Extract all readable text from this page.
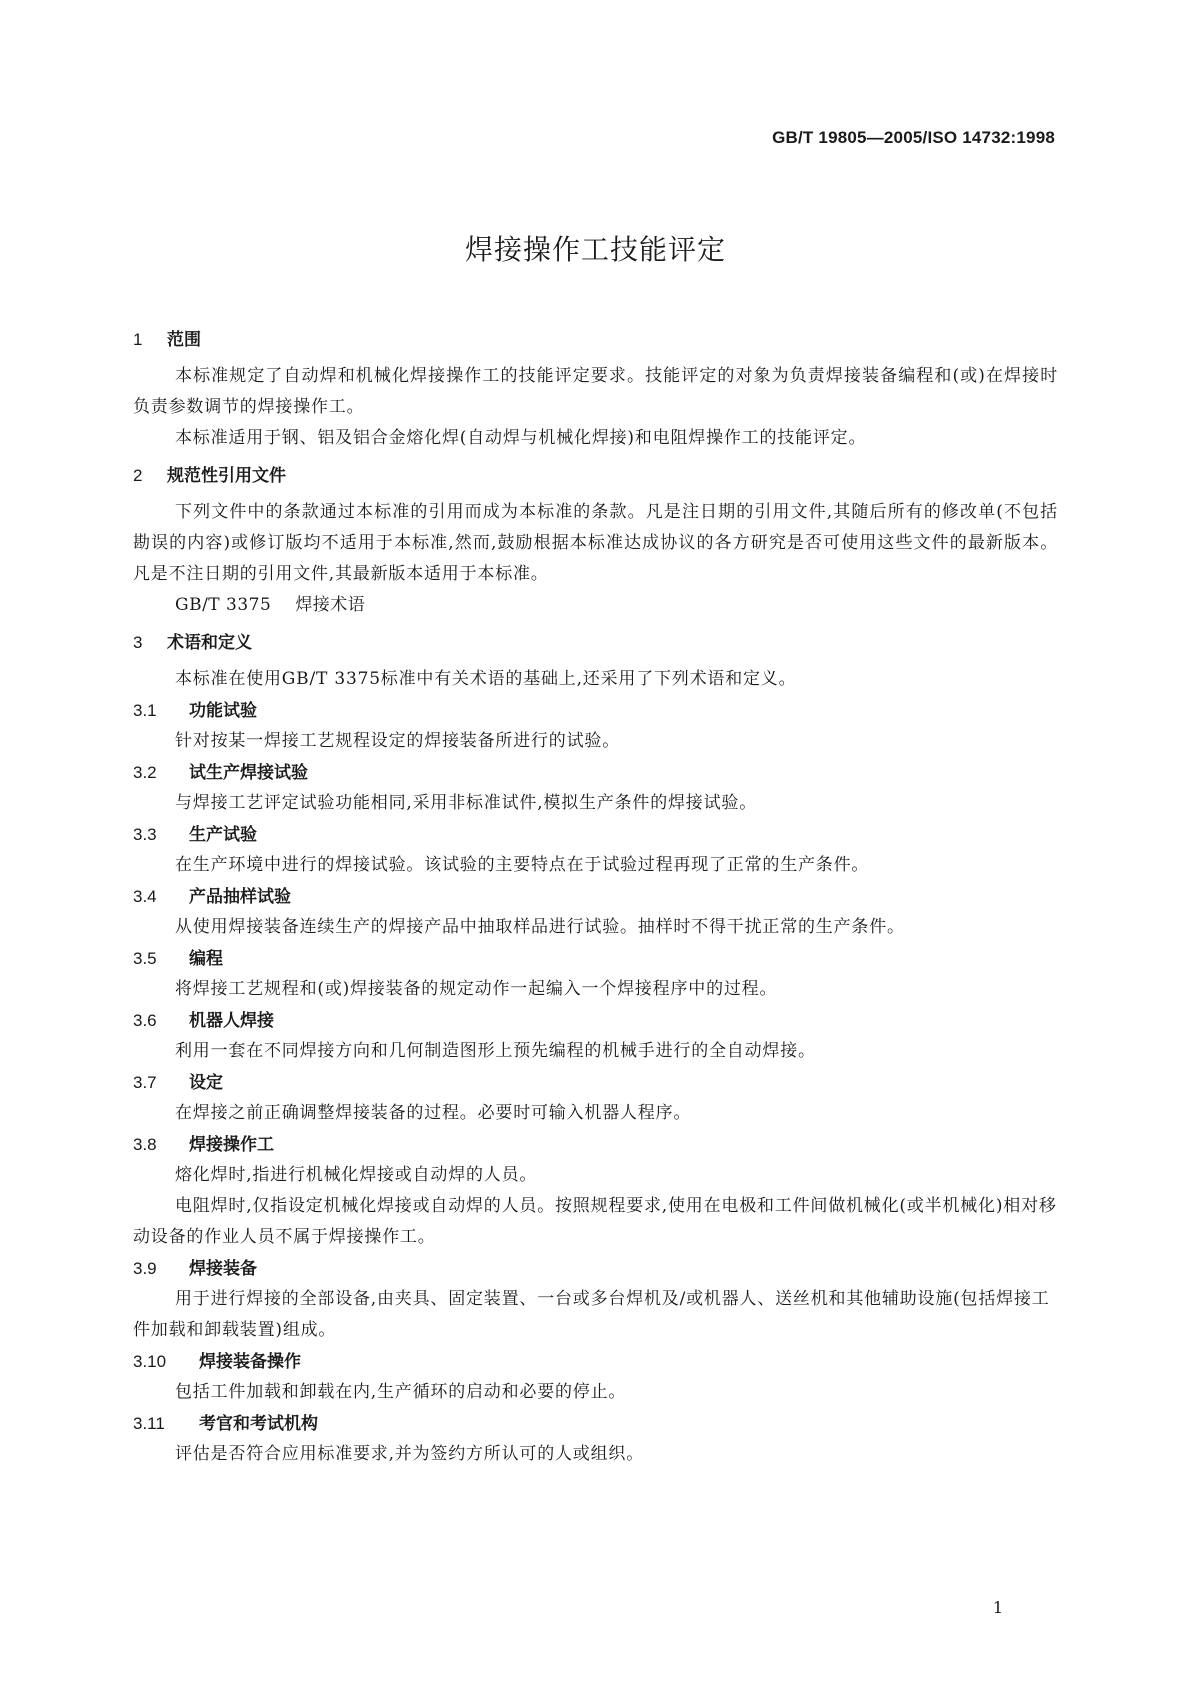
GB/T 19805—2005/ISO 14732:1998
焊接操作工技能评定
1 范围
本标准规定了自动焊和机械化焊接操作工的技能评定要求。技能评定的对象为负责焊接装备编程和(或)在焊接时负责参数调节的焊接操作工。
本标准适用于钢、铝及铝合金熔化焊(自动焊与机械化焊接)和电阻焊操作工的技能评定。
2 规范性引用文件
下列文件中的条款通过本标准的引用而成为本标准的条款。凡是注日期的引用文件,其随后所有的修改单(不包括勘误的内容)或修订版均不适用于本标准,然而,鼓励根据本标准达成协议的各方研究是否可使用这些文件的最新版本。凡是不注日期的引用文件,其最新版本适用于本标准。
GB/T 3375 焊接术语
3 术语和定义
本标准在使用GB/T 3375标准中有关术语的基础上,还采用了下列术语和定义。
3.1 功能试验
针对按某一焊接工艺规程设定的焊接装备所进行的试验。
3.2 试生产焊接试验
与焊接工艺评定试验功能相同,采用非标准试件,模拟生产条件的焊接试验。
3.3 生产试验
在生产环境中进行的焊接试验。该试验的主要特点在于试验过程再现了正常的生产条件。
3.4 产品抽样试验
从使用焊接装备连续生产的焊接产品中抽取样品进行试验。抽样时不得干扰正常的生产条件。
3.5 编程
将焊接工艺规程和(或)焊接装备的规定动作一起编入一个焊接程序中的过程。
3.6 机器人焊接
利用一套在不同焊接方向和几何制造图形上预先编程的机械手进行的全自动焊接。
3.7 设定
在焊接之前正确调整焊接装备的过程。必要时可输入机器人程序。
3.8 焊接操作工
熔化焊时,指进行机械化焊接或自动焊的人员。
电阻焊时,仅指设定机械化焊接或自动焊的人员。按照规程要求,使用在电极和工件间做机械化(或半机械化)相对移动设备的作业人员不属于焊接操作工。
3.9 焊接装备
用于进行焊接的全部设备,由夹具、固定装置、一台或多台焊机及/或机器人、送丝机和其他辅助设施(包括焊接工件加载和卸载装置)组成。
3.10 焊接装备操作
包括工件加载和卸载在内,生产循环的启动和必要的停止。
3.11 考官和考试机构
评估是否符合应用标准要求,并为签约方所认可的人或组织。
1
